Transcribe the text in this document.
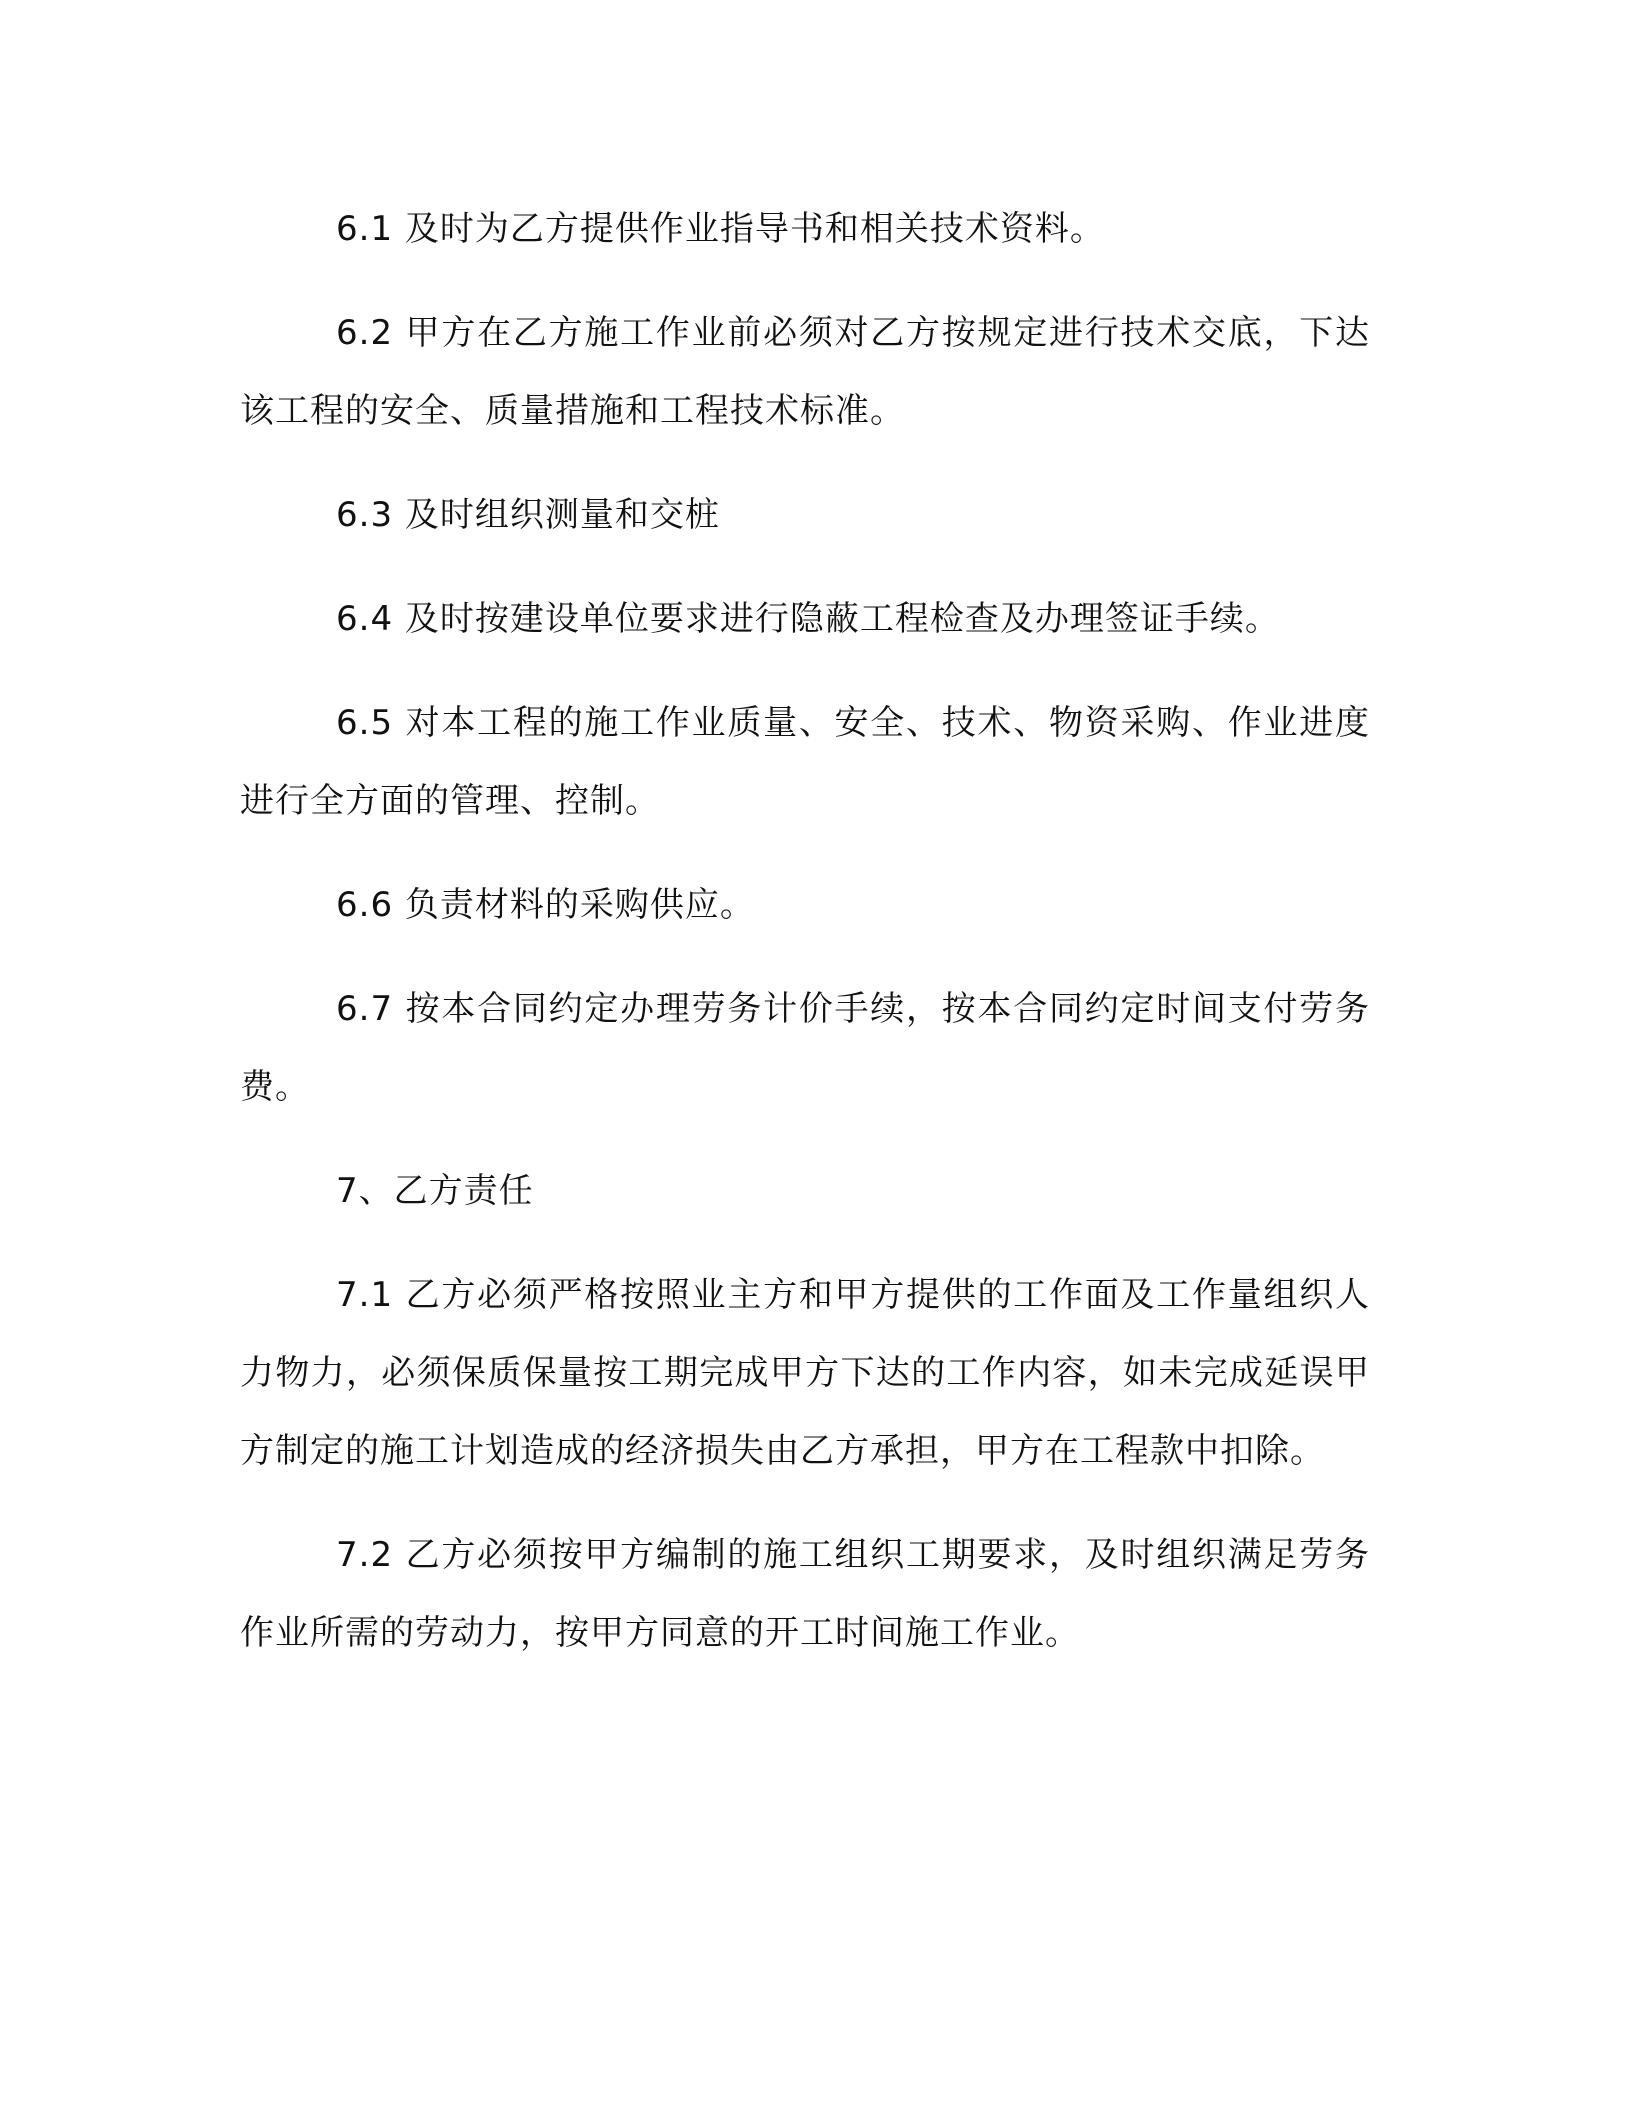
6.1 及时为乙方提供作业指导书和相关技术资料。

6.2 甲方在乙方施工作业前必须对乙方按规定进行技术交底，下达该工程的安全、质量措施和工程技术标准。

6.3 及时组织测量和交桩

6.4 及时按建设单位要求进行隐蔽工程检查及办理签证手续。

6.5 对本工程的施工作业质量、安全、技术、物资采购、作业进度进行全方面的管理、控制。

6.6 负责材料的采购供应。

6.7 按本合同约定办理劳务计价手续，按本合同约定时间支付劳务费。

7、乙方责任

7.1 乙方必须严格按照业主方和甲方提供的工作面及工作量组织人力物力，必须保质保量按工期完成甲方下达的工作内容，如未完成延误甲方制定的施工计划造成的经济损失由乙方承担，甲方在工程款中扣除。

7.2 乙方必须按甲方编制的施工组织工期要求，及时组织满足劳务作业所需的劳动力，按甲方同意的开工时间施工作业。
